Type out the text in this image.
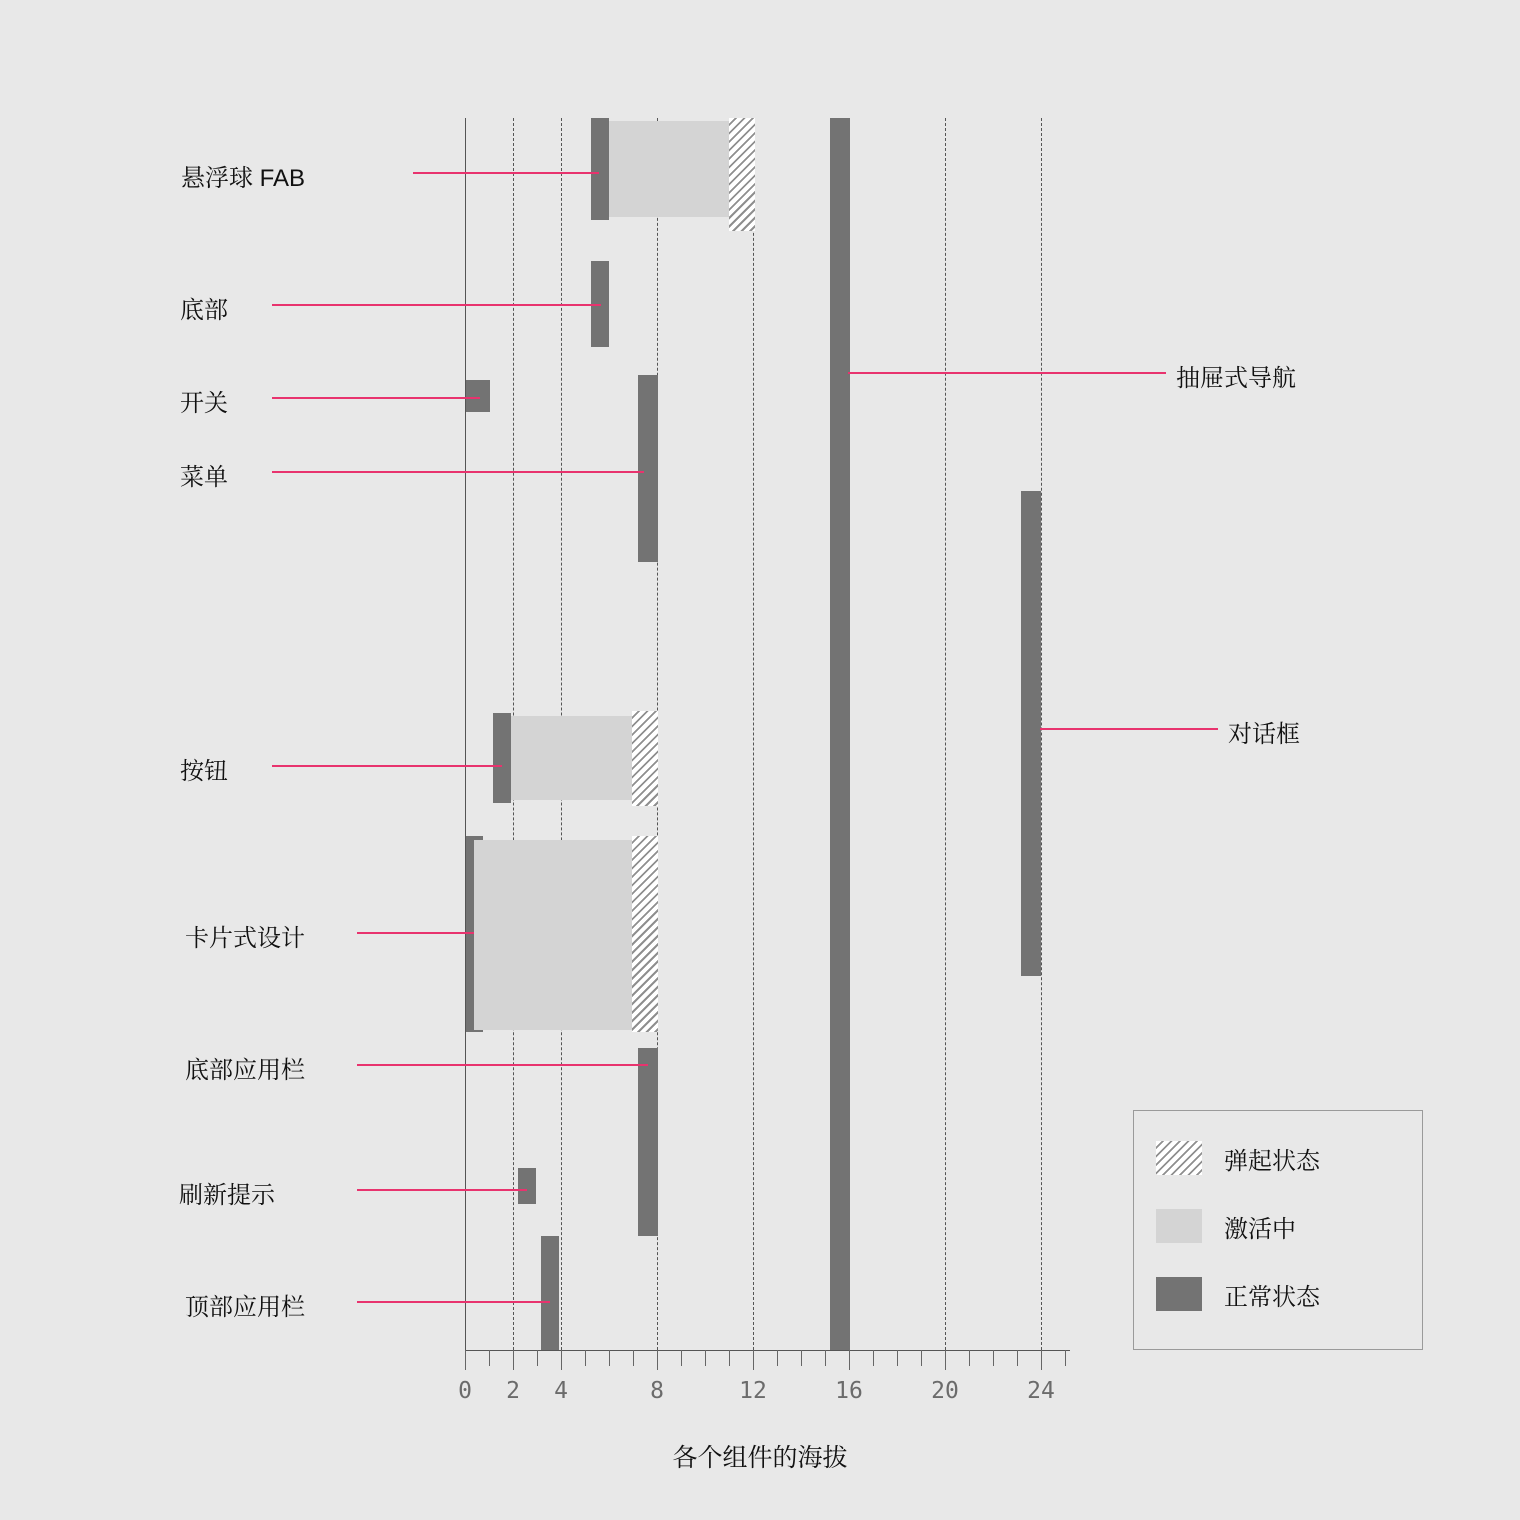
悬浮球 FAB
底部
开关
菜单
按钮
卡片式设计
底部应用栏
刷新提示
顶部应用栏
抽屉式导航
对话框
0 2 4	8	12	16	20	24
各个组件的海拔
弹起状态
激活中
正常状态
